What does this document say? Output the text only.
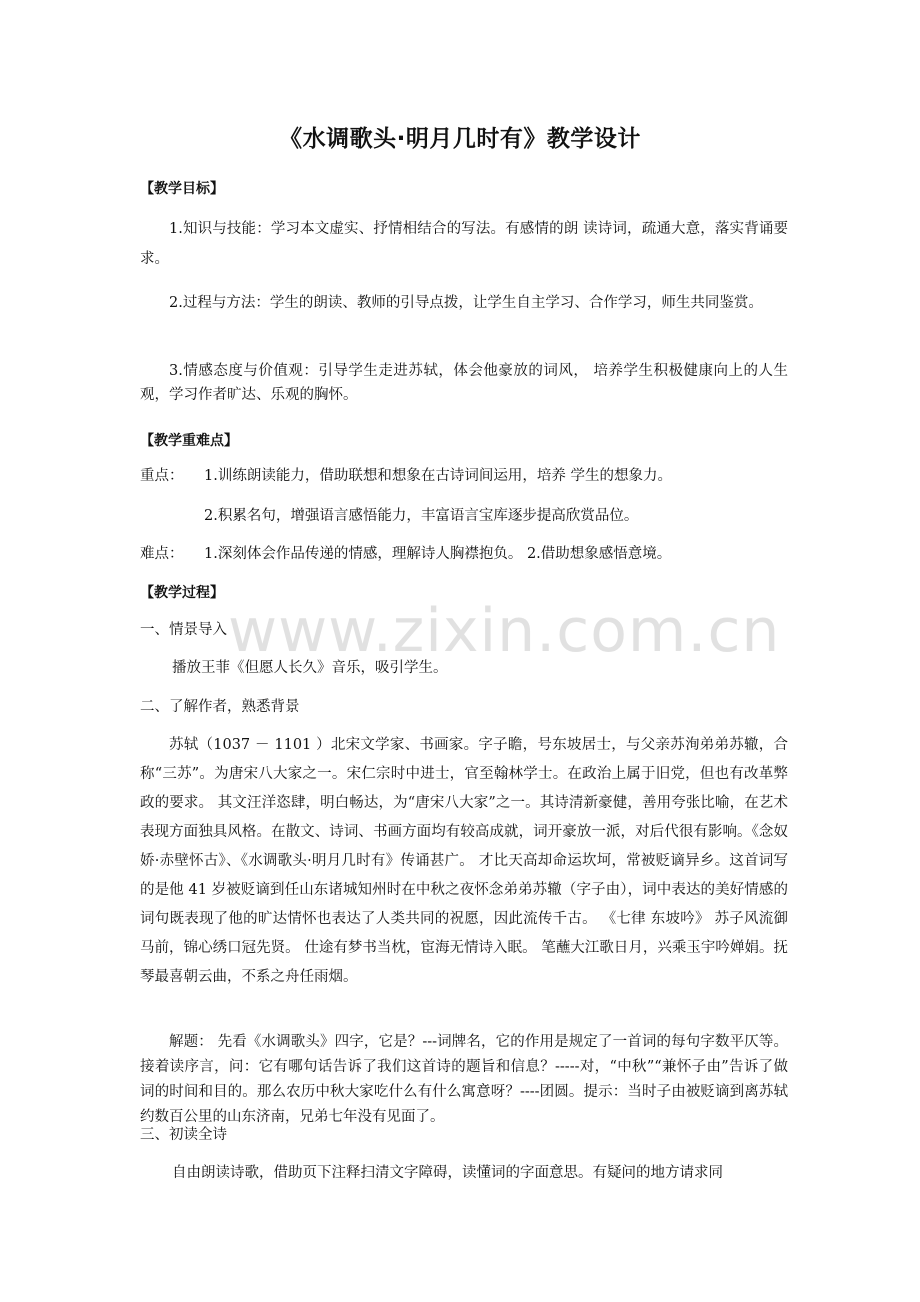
《水调歌头·明月几时有》教学设计
【教学目标】
1.知识与技能：学习本文虚实、抒情相结合的写法。有感情的朗 读诗词，疏通大意，落实背诵要求。
2.过程与方法：学生的朗读、教师的引导点拨，让学生自主学习、合作学习，师生共同鉴赏。
3.情感态度与价值观：引导学生走进苏轼，体会他豪放的词风， 培养学生积极健康向上的人生观，学习作者旷达、乐观的胸怀。
【教学重难点】
重点： 1.训练朗读能力，借助联想和想象在古诗词间运用，培养 学生的想象力。
2.积累名句，增强语言感悟能力，丰富语言宝库逐步提高欣赏品位。
难点： 1.深刻体会作品传递的情感，理解诗人胸襟抱负。 2.借助想象感悟意境。
【教学过程】
一、情景导入
播放王菲《但愿人长久》音乐，吸引学生。
二、了解作者，熟悉背景
苏轼（1037 － 1101 ）北宋文学家、书画家。字子瞻，号东坡居士，与父亲苏洵弟弟苏辙，合称“三苏”。为唐宋八大家之一。宋仁宗时中进士，官至翰林学士。在政治上属于旧党，但也有改革弊政的要求。 其文汪洋恣肆，明白畅达，为“唐宋八大家”之一。其诗清新豪健，善用夸张比喻，在艺术表现方面独具风格。在散文、诗词、书画方面均有较高成就，词开豪放一派，对后代很有影响。《念奴娇·赤壁怀古》、《水调歌头·明月几时有》传诵甚广。 才比天高却命运坎坷，常被贬谪异乡。这首词写的是他 41 岁被贬谪到任山东诸城知州时在中秋之夜怀念弟弟苏辙（字子由），词中表达的美好情感的词句既表现了他的旷达情怀也表达了人类共同的祝愿，因此流传千古。 《七律 东坡吟》 苏子风流御马前，锦心绣口冠先贤。 仕途有梦书当枕，宦海无情诗入眠。 笔蘸大江歌日月，兴乘玉宇吟婵娟。抚琴最喜朝云曲，不系之舟任雨烟。
解题： 先看《水调歌头》四字，它是？---词牌名，它的作用是规定了一首词的每句字数平仄等。接着读序言，问：它有哪句话告诉了我们这首诗的题旨和信息？-----对，“中秋”“兼怀子由”告诉了做词的时间和目的。那么农历中秋大家吃什么有什么寓意呀？----团圆。提示：当时子由被贬谪到离苏轼约数百公里的山东济南，兄弟七年没有见面了。
三、初读全诗
自由朗读诗歌，借助页下注释扫清文字障碍，读懂词的字面意思。有疑问的地方请求同
www.zixin.com.cn
